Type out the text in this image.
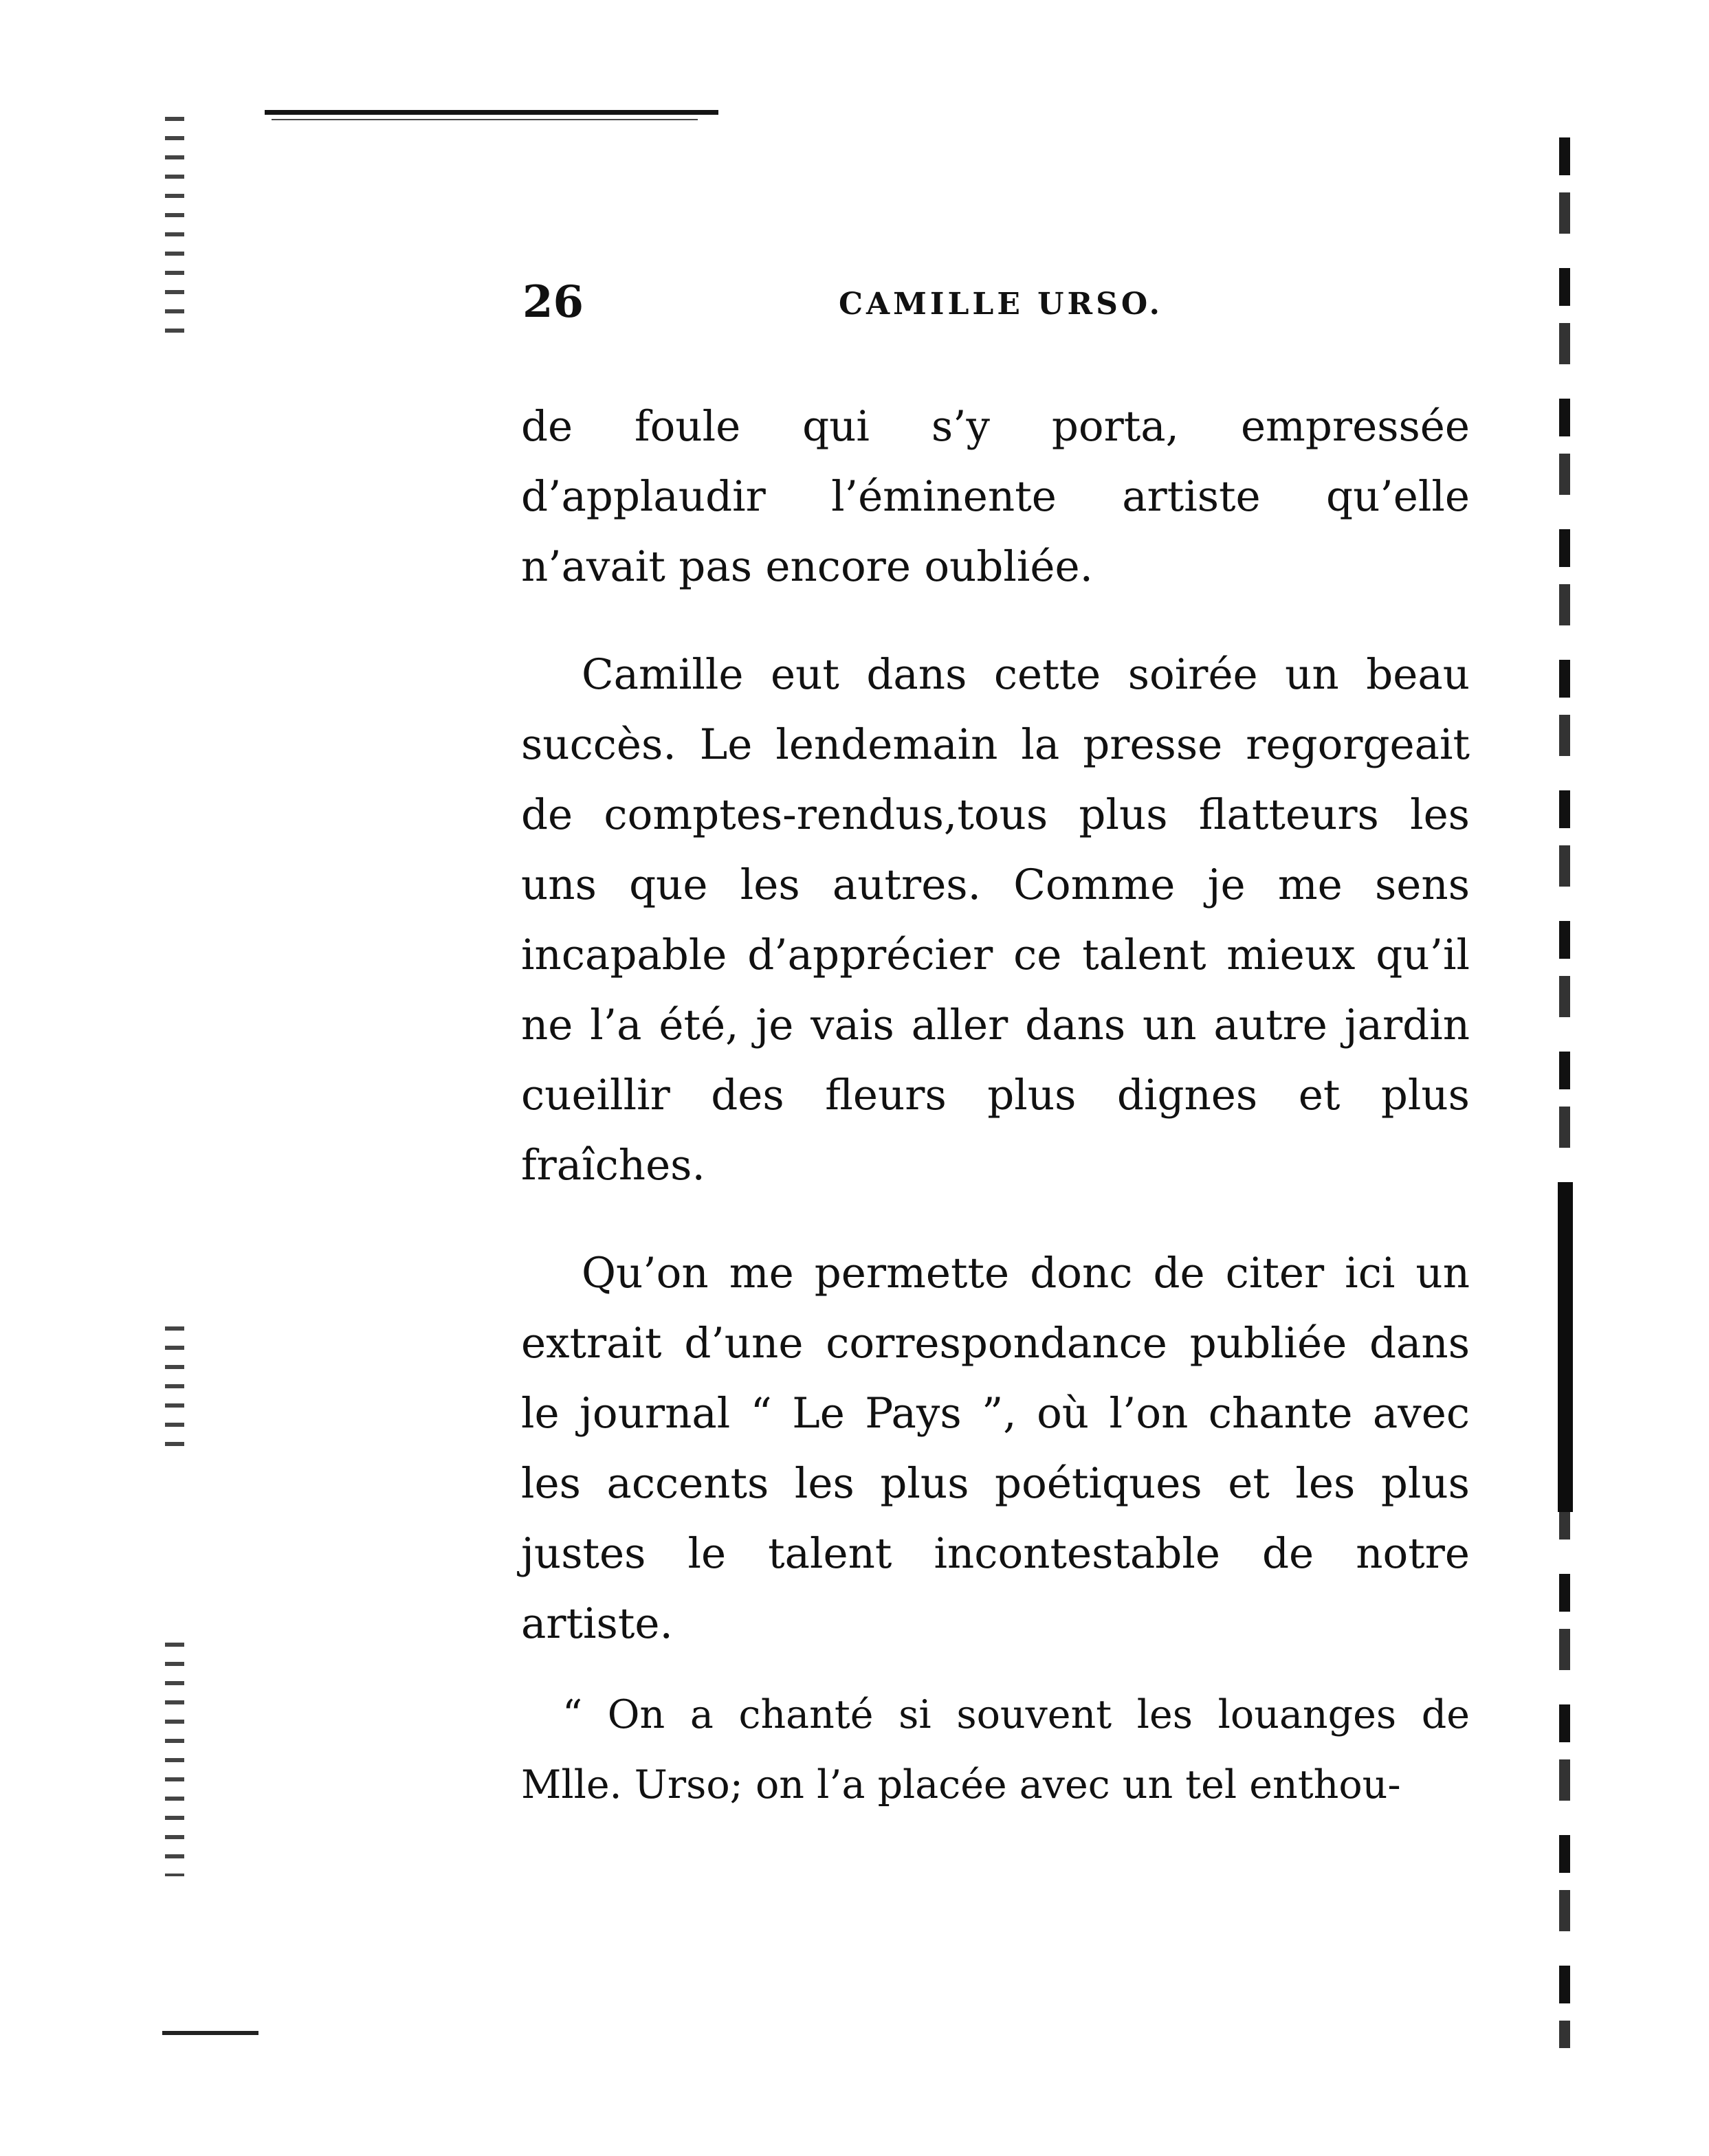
26	CAMILLE URSO.

de foule qui s’y porta, empressée d’applaudir l’éminente artiste qu’elle n’avait pas encore oubliée.

Camille eut dans cette soirée un beau succès. Le lendemain la presse regorgeait de comptes-rendus,tous plus flatteurs les uns que les autres. Comme je me sens incapable d’apprécier ce talent mieux qu’il ne l’a été, je vais aller dans un autre jardin cueillir des fleurs plus dignes et plus fraîches.

Qu’on me permette donc de citer ici un extrait d’une correspondance publiée dans le journal “ Le Pays ”, où l’on chante avec les accents les plus poétiques et les plus justes le talent incontestable de notre artiste.

“ On a chanté si souvent les louanges de Mlle. Urso; on l’a placée avec un tel enthou-
